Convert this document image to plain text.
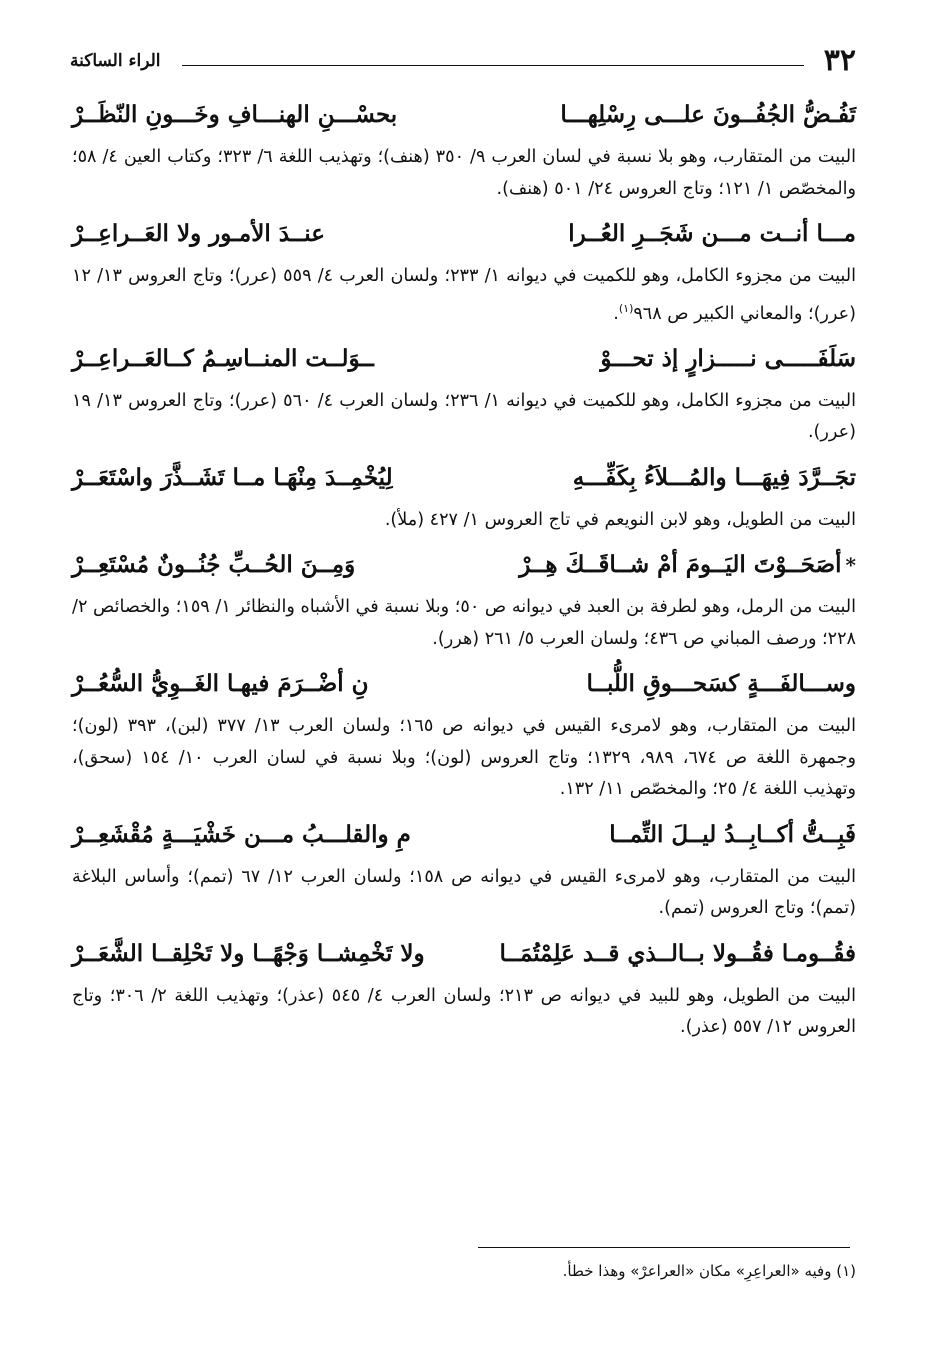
٣٢
الراء الساكنة
تَفُـضُّ الجُفُــونَ علـــى رِسْلِهـــا
بحسْـــنِ الهنـــافِ وخَـــونِ النّظَــرْ

البيت من المتقارب، وهو بلا نسبة في لسان العرب ٩/ ٣٥٠ (هنف)؛ وتهذيب اللغة ٦/ ٣٢٣؛ وكتاب العين ٤/ ٥٨؛ والمخصّص ١/ ١٢١؛ وتاج العروس ٢٤/ ٥٠١ (هنف).

مـــا أنــت مـــن شَجَــرِ العُــرا
عنــدَ الأمـور ولا العَــراعِــرْ

البيت من مجزوء الكامل، وهو للكميت في ديوانه ١/ ٢٣٣؛ ولسان العرب ٤/ ٥٥٩ (عرر)؛ وتاج العروس ١٣/ ١٢ (عرر)؛ والمعاني الكبير ص ٩٦٨$^{(١)}$.

سَلَفَـــــى نـــــزارٍ إذ تحـــوْ
ــوَلــت المنــاسِـمُ كــالعَــراعِــرْ

البيت من مجزوء الكامل، وهو للكميت في ديوانه ١/ ٢٣٦؛ ولسان العرب ٤/ ٥٦٠ (عرر)؛ وتاج العروس ١٣/ ١٩ (عرر).

تجَــرَّدَ فِيهَـــا والمُـــلاَءُ بِكَفِّـــهِ
لِيُخْمِــدَ مِنْهَـا مــا تَشَــذَّرَ واسْتَعَــرْ

البيت من الطويل، وهو لابن النويعم في تاج العروس ١/ ٤٢٧ (ملأ).

*أصَحَــوْتَ اليَــومَ أمْ شــاقَــكَ هِــرْ
وَمِــنَ الحُــبِّ جُنُــونٌ مُسْتَعِــرْ

البيت من الرمل، وهو لطرفة بن العبد في ديوانه ص ٥٠؛ وبلا نسبة في الأشباه والنظائر ١/ ١٥٩؛ والخصائص ٢/ ٢٢٨؛ ورصف المباني ص ٤٣٦؛ ولسان العرب ٥/ ٢٦١ (هرر).

وســـالفَـــةٍ كسَحـــوقِ اللُّبــا
نِ أضْــرَمَ فيهـا الغَــوِيُّ السُّعُــرْ

البيت من المتقارب، وهو لامرىء القيس في ديوانه ص ١٦٥؛ ولسان العرب ١٣/ ٣٧٧ (لبن)، ٣٩٣ (لون)؛ وجمهرة اللغة ص ٦٧٤، ٩٨٩، ١٣٢٩؛ وتاج العروس (لون)؛ وبلا نسبة في لسان العرب ١٠/ ١٥٤ (سحق)، وتهذيب اللغة ٤/ ٢٥؛ والمخصّص ١١/ ١٣٢.

فَبِــتُّ أكــابِــدُ ليــلَ التِّمــا
مِ والقلـــبُ مـــن خَشْيَـــةٍ مُقْشَعِــرْ

البيت من المتقارب، وهو لامرىء القيس في ديوانه ص ١٥٨؛ ولسان العرب ١٢/ ٦٧ (تمم)؛ وأساس البلاغة (تمم)؛ وتاج العروس (تمم).

فقُــومـا فقُــولا بــالــذي قــد عَلِمْتُمَــا
ولا تَخْمِشــا وَجْهًــا ولا تَحْلِقــا الشَّعَــرْ

البيت من الطويل، وهو للبيد في ديوانه ص ٢١٣؛ ولسان العرب ٤/ ٥٤٥ (عذر)؛ وتهذيب اللغة ٢/ ٣٠٦؛ وتاج العروس ١٢/ ٥٥٧ (عذر).

(١) وفيه «العراعِرِ» مكان «العراعرْ» وهذا خطأ.
